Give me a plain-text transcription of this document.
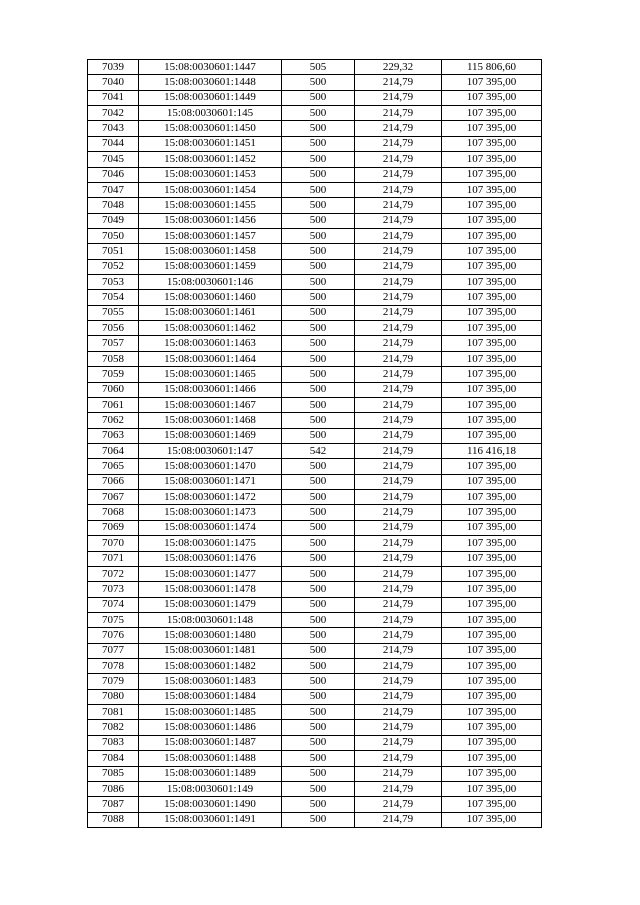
7039	15:08:0030601:1447	505	229,32	115 806,60
7040	15:08:0030601:1448	500	214,79	107 395,00
7041	15:08:0030601:1449	500	214,79	107 395,00
7042	15:08:0030601:145	500	214,79	107 395,00
7043	15:08:0030601:1450	500	214,79	107 395,00
7044	15:08:0030601:1451	500	214,79	107 395,00
7045	15:08:0030601:1452	500	214,79	107 395,00
7046	15:08:0030601:1453	500	214,79	107 395,00
7047	15:08:0030601:1454	500	214,79	107 395,00
7048	15:08:0030601:1455	500	214,79	107 395,00
7049	15:08:0030601:1456	500	214,79	107 395,00
7050	15:08:0030601:1457	500	214,79	107 395,00
7051	15:08:0030601:1458	500	214,79	107 395,00
7052	15:08:0030601:1459	500	214,79	107 395,00
7053	15:08:0030601:146	500	214,79	107 395,00
7054	15:08:0030601:1460	500	214,79	107 395,00
7055	15:08:0030601:1461	500	214,79	107 395,00
7056	15:08:0030601:1462	500	214,79	107 395,00
7057	15:08:0030601:1463	500	214,79	107 395,00
7058	15:08:0030601:1464	500	214,79	107 395,00
7059	15:08:0030601:1465	500	214,79	107 395,00
7060	15:08:0030601:1466	500	214,79	107 395,00
7061	15:08:0030601:1467	500	214,79	107 395,00
7062	15:08:0030601:1468	500	214,79	107 395,00
7063	15:08:0030601:1469	500	214,79	107 395,00
7064	15:08:0030601:147	542	214,79	116 416,18
7065	15:08:0030601:1470	500	214,79	107 395,00
7066	15:08:0030601:1471	500	214,79	107 395,00
7067	15:08:0030601:1472	500	214,79	107 395,00
7068	15:08:0030601:1473	500	214,79	107 395,00
7069	15:08:0030601:1474	500	214,79	107 395,00
7070	15:08:0030601:1475	500	214,79	107 395,00
7071	15:08:0030601:1476	500	214,79	107 395,00
7072	15:08:0030601:1477	500	214,79	107 395,00
7073	15:08:0030601:1478	500	214,79	107 395,00
7074	15:08:0030601:1479	500	214,79	107 395,00
7075	15:08:0030601:148	500	214,79	107 395,00
7076	15:08:0030601:1480	500	214,79	107 395,00
7077	15:08:0030601:1481	500	214,79	107 395,00
7078	15:08:0030601:1482	500	214,79	107 395,00
7079	15:08:0030601:1483	500	214,79	107 395,00
7080	15:08:0030601:1484	500	214,79	107 395,00
7081	15:08:0030601:1485	500	214,79	107 395,00
7082	15:08:0030601:1486	500	214,79	107 395,00
7083	15:08:0030601:1487	500	214,79	107 395,00
7084	15:08:0030601:1488	500	214,79	107 395,00
7085	15:08:0030601:1489	500	214,79	107 395,00
7086	15:08:0030601:149	500	214,79	107 395,00
7087	15:08:0030601:1490	500	214,79	107 395,00
7088	15:08:0030601:1491	500	214,79	107 395,00
